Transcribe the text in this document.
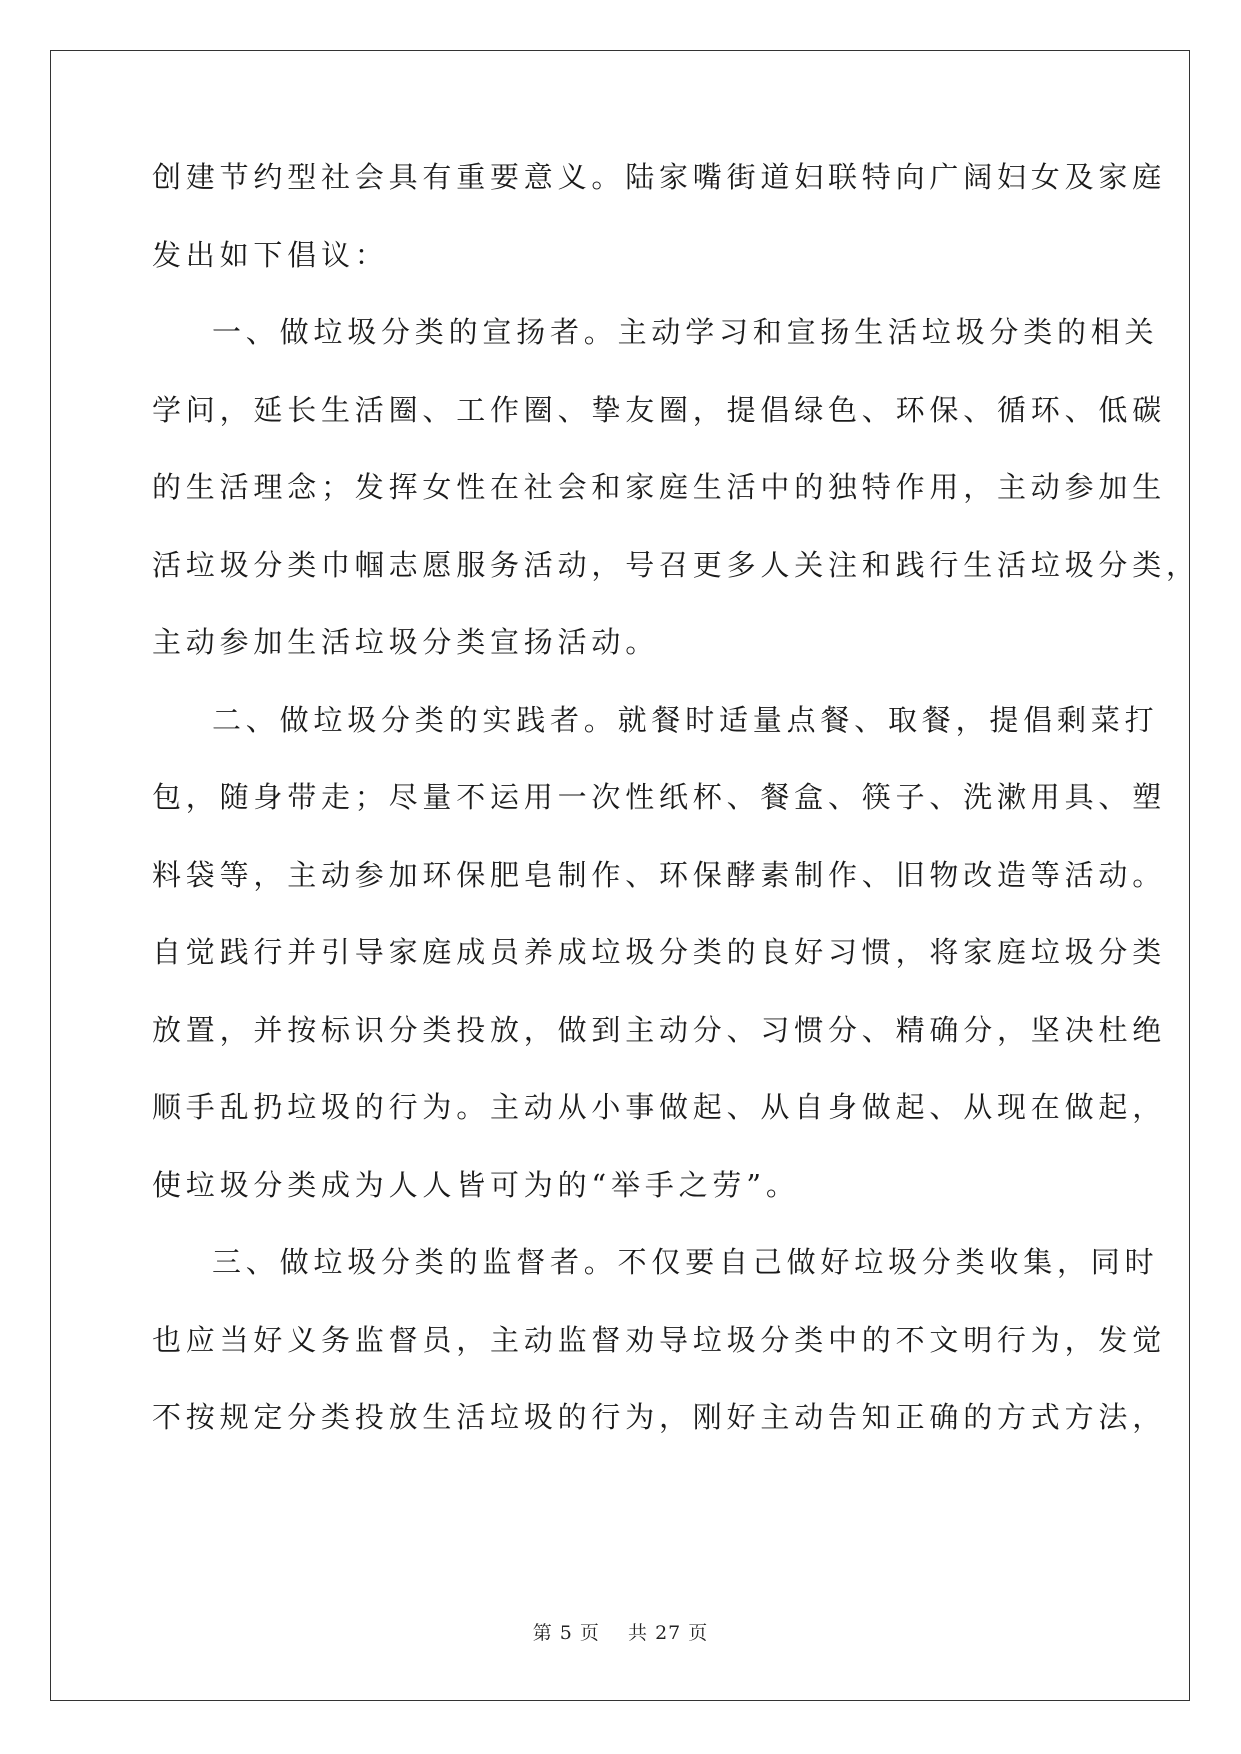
创建节约型社会具有重要意义。陆家嘴街道妇联特向广阔妇女及家庭
发出如下倡议：
一、做垃圾分类的宣扬者。主动学习和宣扬生活垃圾分类的相关
学问，延长生活圈、工作圈、挚友圈，提倡绿色、环保、循环、低碳
的生活理念；发挥女性在社会和家庭生活中的独特作用，主动参加生
活垃圾分类巾帼志愿服务活动，号召更多人关注和践行生活垃圾分类，
主动参加生活垃圾分类宣扬活动。
二、做垃圾分类的实践者。就餐时适量点餐、取餐，提倡剩菜打
包，随身带走；尽量不运用一次性纸杯、餐盒、筷子、洗漱用具、塑
料袋等，主动参加环保肥皂制作、环保酵素制作、旧物改造等活动。
自觉践行并引导家庭成员养成垃圾分类的良好习惯，将家庭垃圾分类
放置，并按标识分类投放，做到主动分、习惯分、精确分，坚决杜绝
顺手乱扔垃圾的行为。主动从小事做起、从自身做起、从现在做起，
使垃圾分类成为人人皆可为的“举手之劳”。
三、做垃圾分类的监督者。不仅要自己做好垃圾分类收集，同时
也应当好义务监督员，主动监督劝导垃圾分类中的不文明行为，发觉
不按规定分类投放生活垃圾的行为，刚好主动告知正确的方式方法，
第 5 页    共 27 页
